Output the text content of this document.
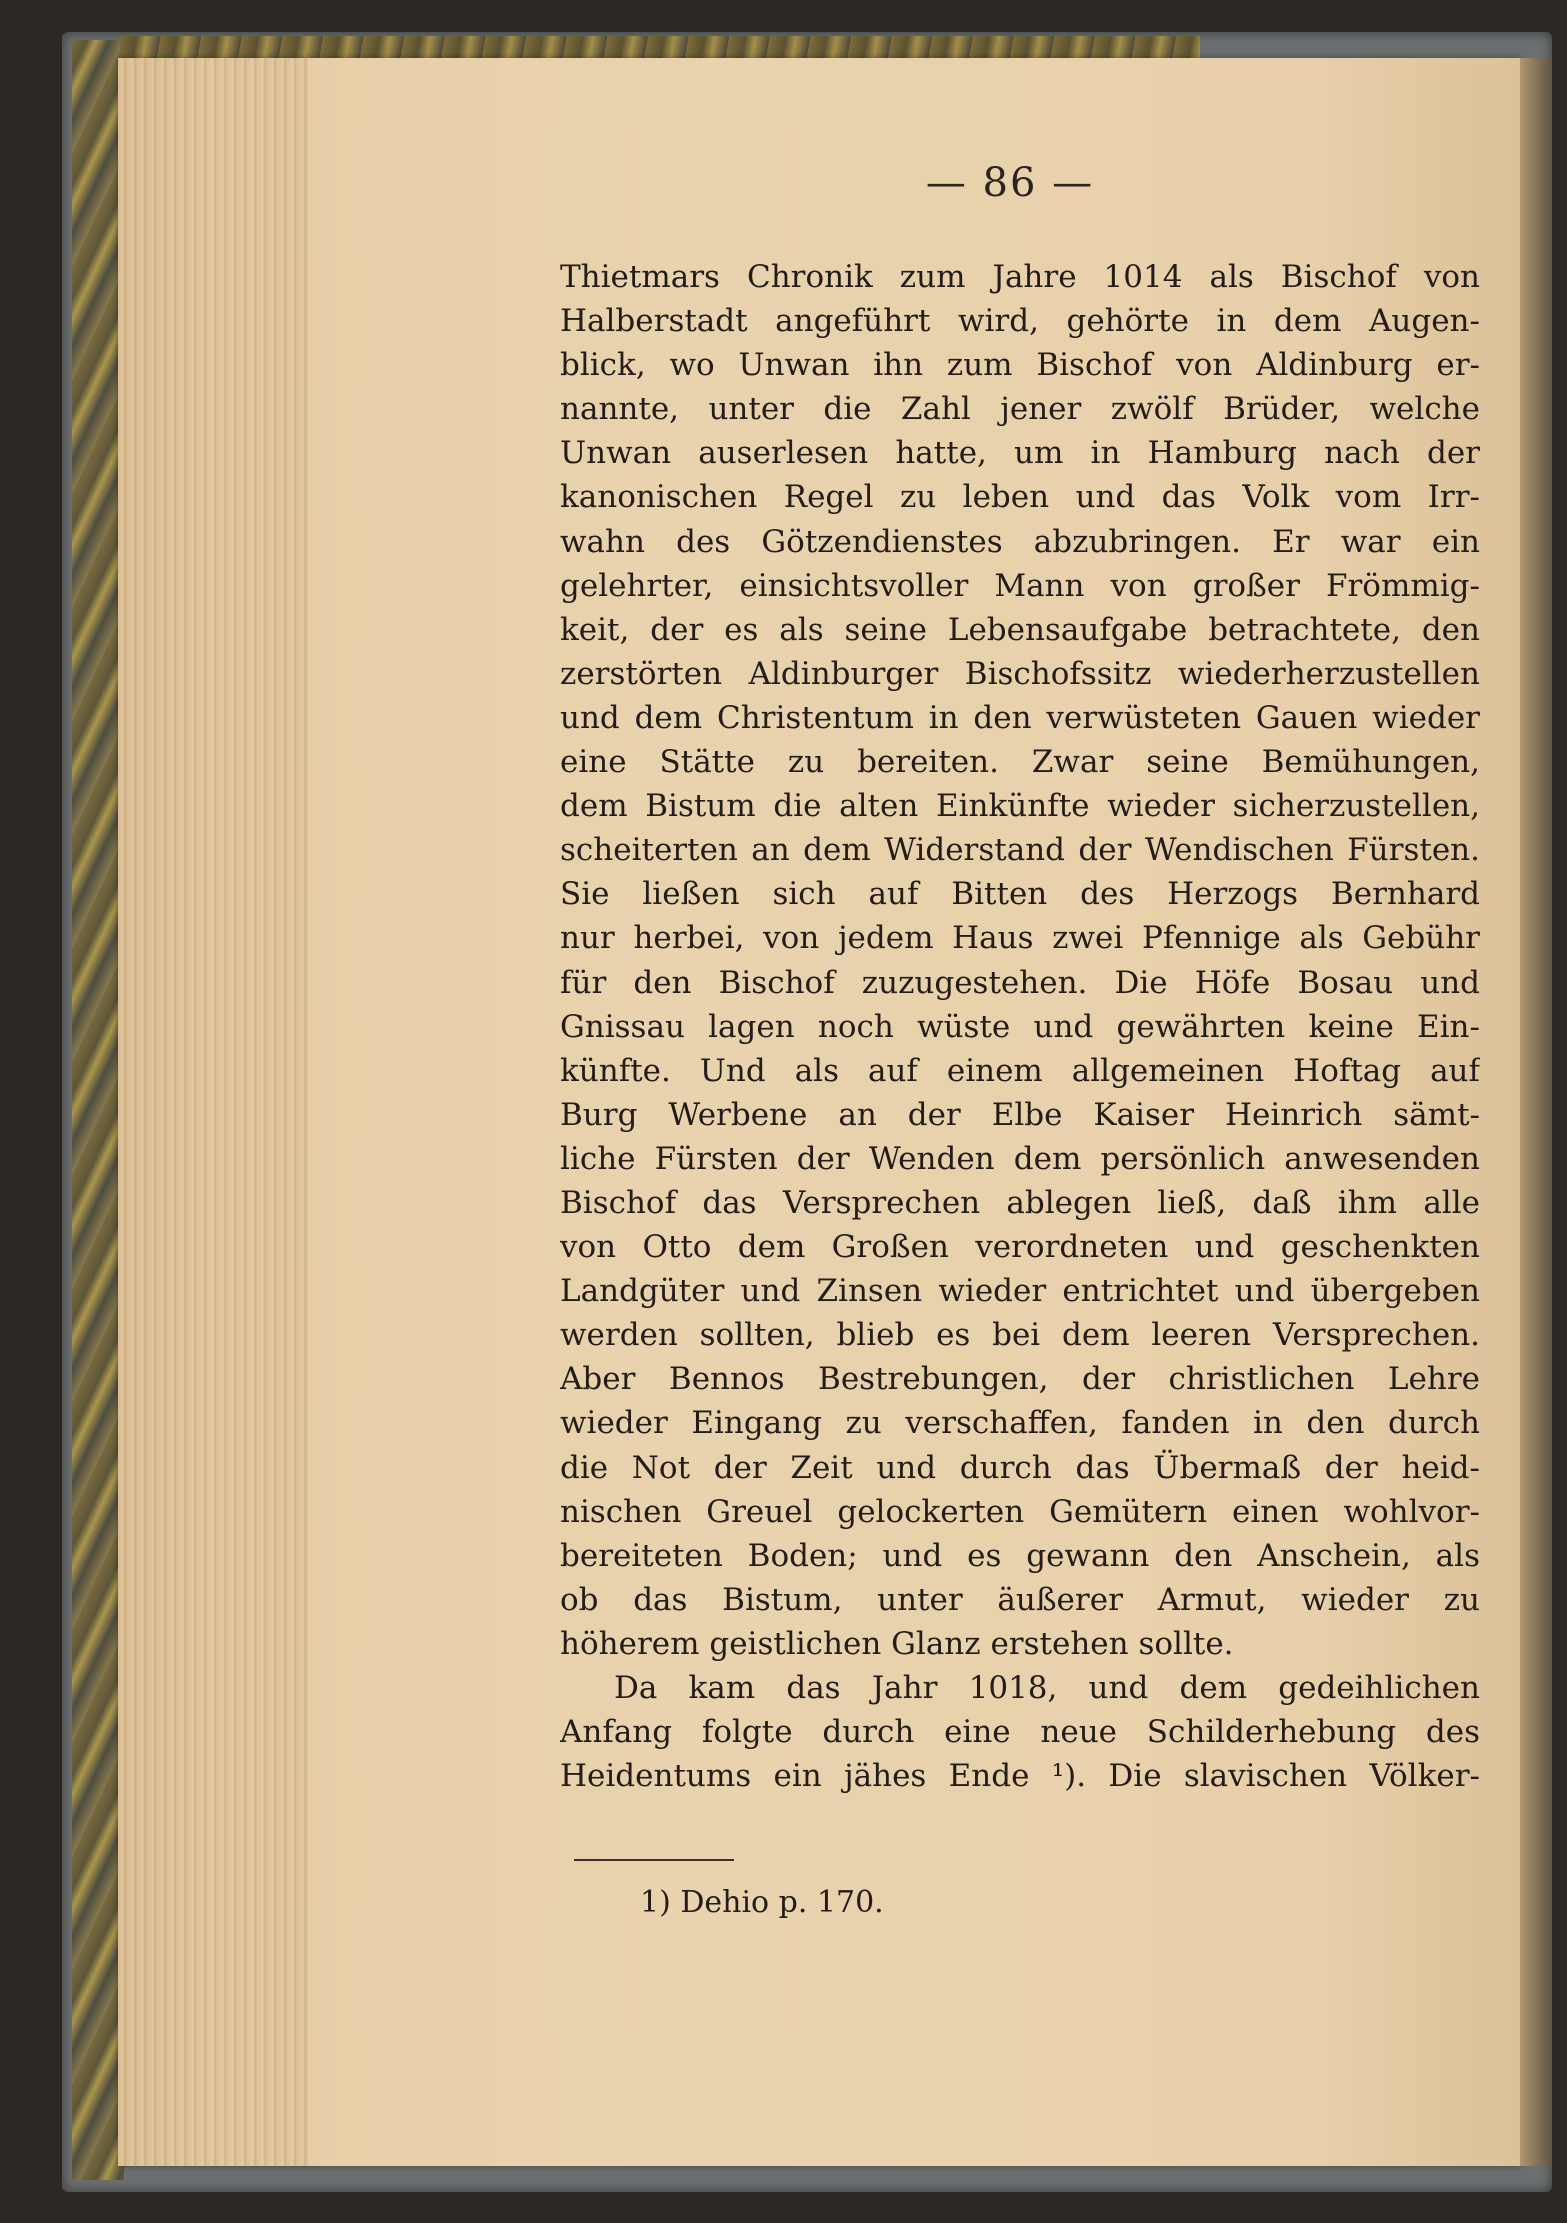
— 86 —
Thietmars Chronik zum Jahre 1014 als Bischof von
Halberstadt angeführt wird, gehörte in dem Augen-
blick, wo Unwan ihn zum Bischof von Aldinburg er-
nannte, unter die Zahl jener zwölf Brüder, welche
Unwan auserlesen hatte, um in Hamburg nach der
kanonischen Regel zu leben und das Volk vom Irr-
wahn des Götzendienstes abzubringen. Er war ein
gelehrter, einsichtsvoller Mann von großer Frömmig-
keit, der es als seine Lebensaufgabe betrachtete, den
zerstörten Aldinburger Bischofssitz wiederherzustellen
und dem Christentum in den verwüsteten Gauen wieder
eine Stätte zu bereiten. Zwar seine Bemühungen,
dem Bistum die alten Einkünfte wieder sicherzustellen,
scheiterten an dem Widerstand der Wendischen Fürsten.
Sie ließen sich auf Bitten des Herzogs Bernhard
nur herbei, von jedem Haus zwei Pfennige als Gebühr
für den Bischof zuzugestehen. Die Höfe Bosau und
Gnissau lagen noch wüste und gewährten keine Ein-
künfte. Und als auf einem allgemeinen Hoftag auf
Burg Werbene an der Elbe Kaiser Heinrich sämt-
liche Fürsten der Wenden dem persönlich anwesenden
Bischof das Versprechen ablegen ließ, daß ihm alle
von Otto dem Großen verordneten und geschenkten
Landgüter und Zinsen wieder entrichtet und übergeben
werden sollten, blieb es bei dem leeren Versprechen.
Aber Bennos Bestrebungen, der christlichen Lehre
wieder Eingang zu verschaffen, fanden in den durch
die Not der Zeit und durch das Übermaß der heid-
nischen Greuel gelockerten Gemütern einen wohlvor-
bereiteten Boden; und es gewann den Anschein, als
ob das Bistum, unter äußerer Armut, wieder zu
höherem geistlichen Glanz erstehen sollte.
Da kam das Jahr 1018, und dem gedeihlichen
Anfang folgte durch eine neue Schilderhebung des
Heidentums ein jähes Ende ¹). Die slavischen Völker-
1) Dehio p. 170.
